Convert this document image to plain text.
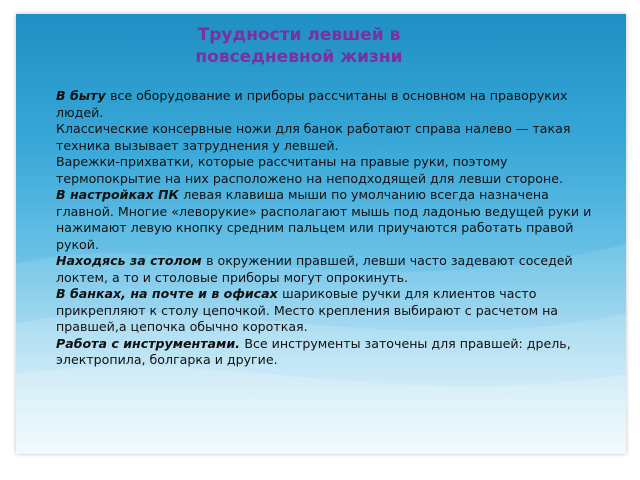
Трудности левшей в
повседневной жизни

В быту все оборудование и приборы рассчитаны в основном на праворуких людей.

Классические консервные ножи для банок работают справа налево — такая техника вызывает затруднения у левшей.

Варежки-прихватки, которые рассчитаны на правые руки, поэтому термопокрытие на них расположено на неподходящей для левши стороне.

В настройках ПК левая клавиша мыши по умолчанию всегда назначена главной. Многие «леворукие» располагают мышь под ладонью ведущей руки и нажимают левую кнопку средним пальцем или приучаются работать правой рукой.

Находясь за столом в окружении правшей, левши часто задевают соседей локтем, а то и столовые приборы могут опрокинуть.

В банках, на почте и в офисах шариковые ручки для клиентов часто прикрепляют к столу цепочкой. Место крепления выбирают с расчетом на правшей,а цепочка обычно короткая.

Работа с инструментами. Все инструменты заточены для правшей: дрель, электропила, болгарка и другие.
